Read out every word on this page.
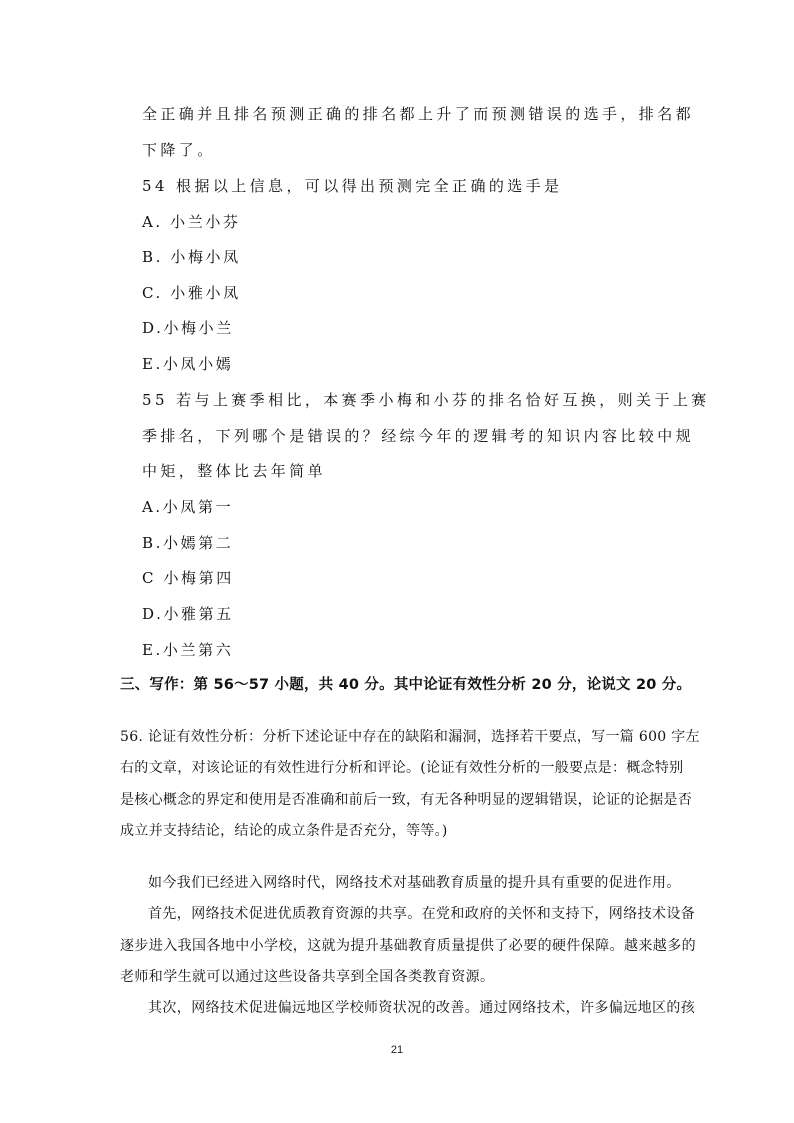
全正确并且排名预测正确的排名都上升了而预测错误的选手，排名都

下降了。

54 根据以上信息，可以得出预测完全正确的选手是

A. 小兰小芬

B. 小梅小凤

C. 小雅小凤

D.小梅小兰

E.小凤小嫣

55 若与上赛季相比，本赛季小梅和小芬的排名恰好互换，则关于上赛

季排名，下列哪个是错误的？经综今年的逻辑考的知识内容比较中规

中矩，整体比去年简单

A.小凤第一

B.小嫣第二

C 小梅第四

D.小雅第五

E.小兰第六

三、写作：第 56～57 小题，共 40 分。其中论证有效性分析 20 分，论说文 20 分。

56. 论证有效性分析：分析下述论证中存在的缺陷和漏洞，选择若干要点，写一篇 600 字左

右的文章，对该论证的有效性进行分析和评论。(论证有效性分析的一般要点是：概念特别

是核心概念的界定和使用是否准确和前后一致，有无各种明显的逻辑错误，论证的论据是否

成立并支持结论，结论的成立条件是否充分，等等。)

如今我们已经进入网络时代，网络技术对基础教育质量的提升具有重要的促进作用。

首先，网络技术促进优质教育资源的共享。在党和政府的关怀和支持下，网络技术设备

逐步进入我国各地中小学校，这就为提升基础教育质量提供了必要的硬件保障。越来越多的

老师和学生就可以通过这些设备共享到全国各类教育资源。

其次，网络技术促进偏远地区学校师资状况的改善。通过网络技术，许多偏远地区的孩

21
